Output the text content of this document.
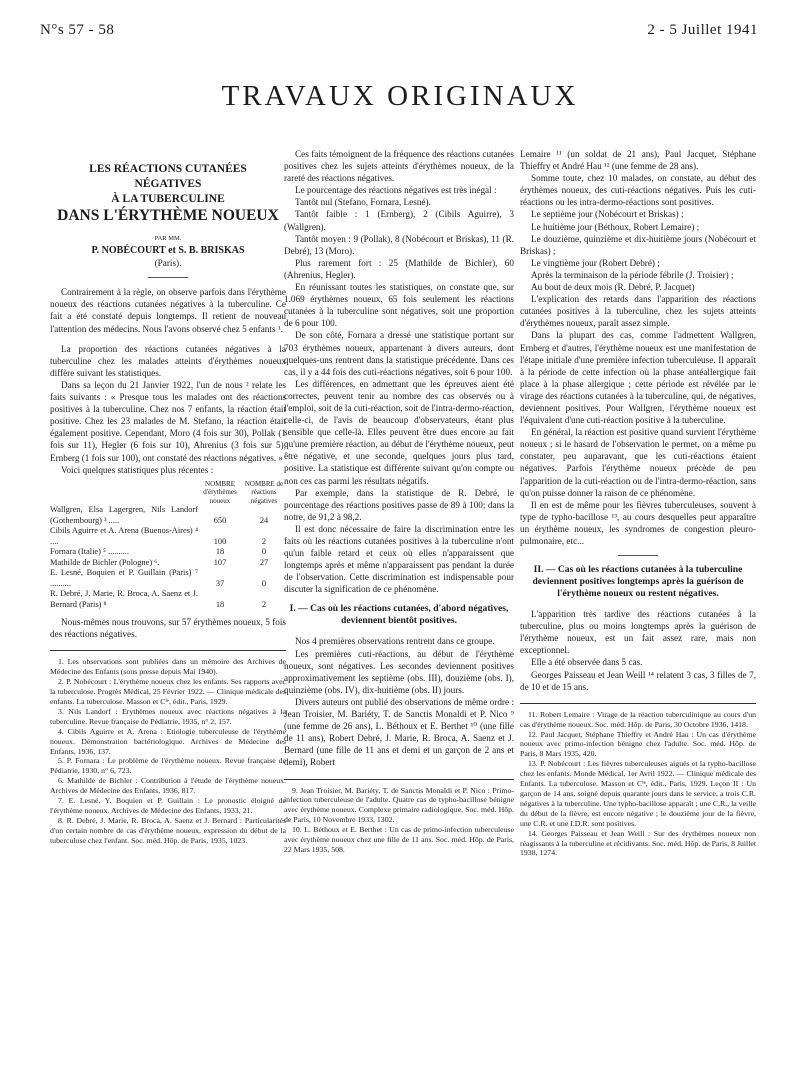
N°s 57 - 58	2 - 5 Juillet 1941
TRAVAUX ORIGINAUX

LES RÉACTIONS CUTANÉES

NÉGATIVES

À LA TUBERCULINE

DANS L'ÉRYTHÈME NOUEUX

PAR MM.

P. NOBÉCOURT et S. B. BRISKAS

(Paris).

Contrairement à la règle, on observe parfois dans l'érythème noueux des réactions cutanées négatives à la tuberculine. Ce fait a été constaté depuis longtemps. Il retient de nouveau l'attention des médecins. Nous l'avons observé chez 5 enfants ¹.

La proportion des réactions cutanées négatives à la tuberculine chez les malades atteints d'érythèmes noueux diffère suivant les statistiques.

Dans sa leçon du 21 Janvier 1922, l'un de nous ² relate les faits suivants : « Presque tous les malades ont des réactions positives à la tuberculine. Chez nos 7 enfants, la réaction était positive. Chez les 23 malades de M. Stefano, la réaction était également positive. Cependant, Moro (4 fois sur 30), Pollak (1 fois sur 11), Hegler (6 fois sur 10), Ahrenius (3 fois sur 5), Ernberg (1 fois sur 100), ont constaté des réactions négatives. »

Voici quelques statistiques plus récentes :

	NOMBRE d'érythèmes noueux	NOMBRE de réactions négatives
Wallgren, Elsa Lagergren, Nils Landorf (Gothembourg) ³ .....	650	24
Cibils Aguirre et A. Arena (Buenos-Aires) ⁴ ....	100	2
Fornara (Italie) ⁵ ..........	18	0
Mathilde de Bichler (Pologne) ⁶.	107	27
E. Lesné, Boquien et P. Guillain (Paris) ⁷ ..........	37	0
R. Debré, J. Marie, R. Broca, A. Saenz et J. Bernard (Paris) ⁸	18	2

Nous-mêmes nous trouvons, sur 57 érythèmes noueux, 5 fois des réactions négatives.

1. Les observations sont publiées dans un mémoire des Archives de Médecine des Enfants (sous presse depuis Mai 1940).

2. P. Nobécourt : L'érythème noueux chez les enfants. Ses rapports avec la tuberculose. Progrès Médical, 25 Février 1922. — Clinique médicale des enfants. La tuberculose. Masson et Cⁱᵉ, édit., Paris, 1929.

3. Nils Landorf : Erythèmes noueux avec réactions négatives à la tuberculine. Revue française de Pédiatrie, 1935, n° 2, 157.

4. Cibils Aguirre et A. Arena : Etiologie tuberculeuse de l'érythème noueux. Démonstration bactériologique. Archives de Médecine des Enfants, 1936, 137.

5. P. Fornara : Le problème de l'érythème noueux. Revue française de Pédiatrie, 1930, n° 6, 723.

6. Mathilde de Bichler : Contribution à l'étude de l'érythème noueux. Archives de Médecine des Enfants, 1936, 817.

7. E. Lesné, Y. Boquien et P. Guillain : Le pronostic éloigné de l'érythème noueux. Archives de Médecine des Enfants, 1933, 21.

8. R. Debré, J. Marie, R. Broca, A. Saenz et J. Bernard : Particularités d'un certain nombre de cas d'érythème noueux, expression du début de la tuberculose chez l'enfant. Soc. méd. Hôp. de Paris, 1935, 1023.

Ces faits témoignent de la fréquence des réactions cutanées positives chez les sujets atteints d'érythèmes noueux, de la rareté des réactions négatives.

Le pourcentage des réactions négatives est très inégal :

Tantôt nul (Stefano, Fornara, Lesné).

Tantôt faible : 1 (Ernberg), 2 (Cibils Aguirre), 3 (Wallgren).

Tantôt moyen : 9 (Pollak), 8 (Nobécourt et Briskas), 11 (R. Debré), 13 (Moro).

Plus rarement fort : 25 (Mathilde de Bichler), 60 (Ahrenius, Hegler).

En réunissant toutes les statistiques, on constate que, sur 1.069 érythèmes noueux, 65 fois seulement les réactions cutanées à la tuberculine sont négatives, soit une proportion de 6 pour 100.

De son côté, Fornara a dressé une statistique portant sur 703 érythèmes noueux, appartenant à divers auteurs, dont quelques-uns rentrent dans la statistique précédente. Dans ces cas, il y a 44 fois des cuti-réactions négatives, soit 6 pour 100.

Les différences, en admettant que les épreuves aient été correctes, peuvent tenir au nombre des cas observés ou à l'emploi, soit de la cuti-réaction, soit de l'intra-dermo-réaction, celle-ci, de l'avis de beaucoup d'observateurs, étant plus sensible que celle-là. Elles peuvent être dues encore au fait qu'une première réaction, au début de l'érythème noueux, peut être négative, et une seconde, quelques jours plus tard, positive. La statistique est différente suivant qu'on compte ou non ces cas parmi les résultats négatifs.

Par exemple, dans la statistique de R. Debré, le pourcentage des réactions positives passe de 89 à 100; dans la notre, de 91,2 à 98,2.

Il est donc nécessaire de faire la discrimination entre les faits où les réactions cutanées positives à la tuberculine n'ont qu'un faible retard et ceux où elles n'apparaissent que longtemps après et même n'apparaissent pas pendant la durée de l'observation. Cette discrimination est indispensable pour discuter la signification de ce phénomène.

I. — Cas où les réactions cutanées, d'abord négatives, deviennent bientôt positives.

Nos 4 premières observations rentrent dans ce groupe.

Les premières cuti-réactions, au début de l'érythème noueux, sont négatives. Les secondes deviennent positives approximativement les septième (obs. III), douzième (obs. I), quinzième (obs. IV), dix-huitième (obs. II) jours.

Divers auteurs ont publié des observations de même ordre : Jean Troisier, M. Bariéty, T. de Sanctis Monaldi et P. Nico ⁹ (une femme de 26 ans), L. Béthoux et E. Berthet ¹⁰ (une fille de 11 ans), Robert Debré, J. Marie, R. Broca, A. Saenz et J. Bernard (une fille de 11 ans et demi et un garçon de 2 ans et demi), Robert

9. Jean Troisier, M. Bariéty, T. de Sanctis Monaldi et P. Nico : Primo-infection tuberculeuse de l'adulte. Quatre cas de typho-bacillose bénigne avec érythème noueux. Complexe primaire radiologique. Soc. méd. Hôp. de Paris, 10 Novembre 1933, 1302.

10. L. Béthoux et E. Berthet : Un cas de primo-infection tuberculeuse avec érythème noueux chez une fille de 11 ans. Soc. méd. Hôp. de Paris, 22 Mars 1935, 508.

Lemaire ¹¹ (un soldat de 21 ans), Paul Jacquet, Stéphane Thieffry et André Hau ¹² (une femme de 28 ans).

Somme toute, chez 10 malades, on constate, au début des érythèmes noueux, des cuti-réactions négatives. Puis les cuti-réactions ou les intra-dermo-réactions sont positives.

Le septième jour (Nobécourt et Briskas) ;

Le huitième jour (Béthoux, Robert Lemaire) ;

Le douzième, quinzième et dix-huitième jours (Nobécourt et Briskas) ;

Le vingtième jour (Robert Debré) ;

Après la terminaison de la période fébrile (J. Troisier) ;

Au bout de deux mois (R. Debré, P. Jacquet)

L'explication des retards dans l'apparition des réactions cutanées positives à la tuberculine, chez les sujets atteints d'érythèmes noueux, paraît assez simple.

Dans la plupart des cas, comme l'admettent Wallgren, Ernberg et d'autres, l'érythème noueux est une manifestation de l'étape initiale d'une première infection tuberculeuse. Il apparaît à la période de cette infection où la phase antéallergique fait place à la phase allergique ; cette période est révélée par le virage des réactions cutanées à la tuberculine, qui, de négatives, deviennent positives. Pour Wallgren, l'érythème noueux est l'équivalent d'une cuti-réaction positive à la tuberculine.

En général, la réaction est positive quand survient l'érythème noueux ; si le hasard de l'observation le permet, on a même pu constater, peu auparavant, que les cuti-réactions étaient négatives. Parfois l'érythème noueux précède de peu l'apparition de la cuti-réaction ou de l'intra-dermo-réaction, sans qu'on puisse donner la raison de ce phénomène.

Il en est de même pour les fièvres tuberculeuses, souvent à type de typho-bacillose ¹³, au cours desquelles peut apparaître un érythème noueux, les syndromes de congestion pleuro-pulmonaire, etc...

II. — Cas où les réactions cutanées à la tuberculine deviennent positives longtemps après la guérison de l'érythème noueux ou restent négatives.

L'apparition très tardive des réactions cutanées à la tuberculine, plus ou moins longtemps après la guérison de l'érythème noueux, est un fait assez rare, mais non exceptionnel.

Elle a été observée dans 5 cas.

Georges Paisseau et Jean Weill ¹⁴ relatent 3 cas, 3 filles de 7, de 10 et de 15 ans.

11. Robert Lemaire : Virage de la réaction tuberculinique au cours d'un cas d'érythème noueux. Soc. méd. Hôp. de Paris, 30 Octobre 1936, 1418.

12. Paul Jacquet, Stéphane Thieffry et André Hau : Un cas d'érythème noueux avec primo-infection bénigne chez l'adulte. Soc. méd. Hôp. de Paris, 8 Mars 1935, 420.

13. P. Nobécourt : Les fièvres tuberculeuses aiguës et la typho-bacillose chez les enfants. Monde Médical, 1er Avril 1922. — Clinique médicale des Enfants. La tuberculose. Masson et Cⁱᵉ, édit., Paris, 1929. Leçon II : Un garçon de 14 ans, soigné depuis quarante jours dans le service, a trois C.R. négatives à la tuberculine. Une typho-bacillose apparaît ; une C.R., la veille du début de la fièvre, est encore négative ; le douzième jour de la fièvre, une C.R. et une I.D.R. sont positives.

14. Georges Paisseau et Jean Weill : Sur des érythèmes noueux non réagissants à la tuberculine et récidivants. Soc. méd. Hôp. de Paris, 8 Juillet 1938, 1274.
